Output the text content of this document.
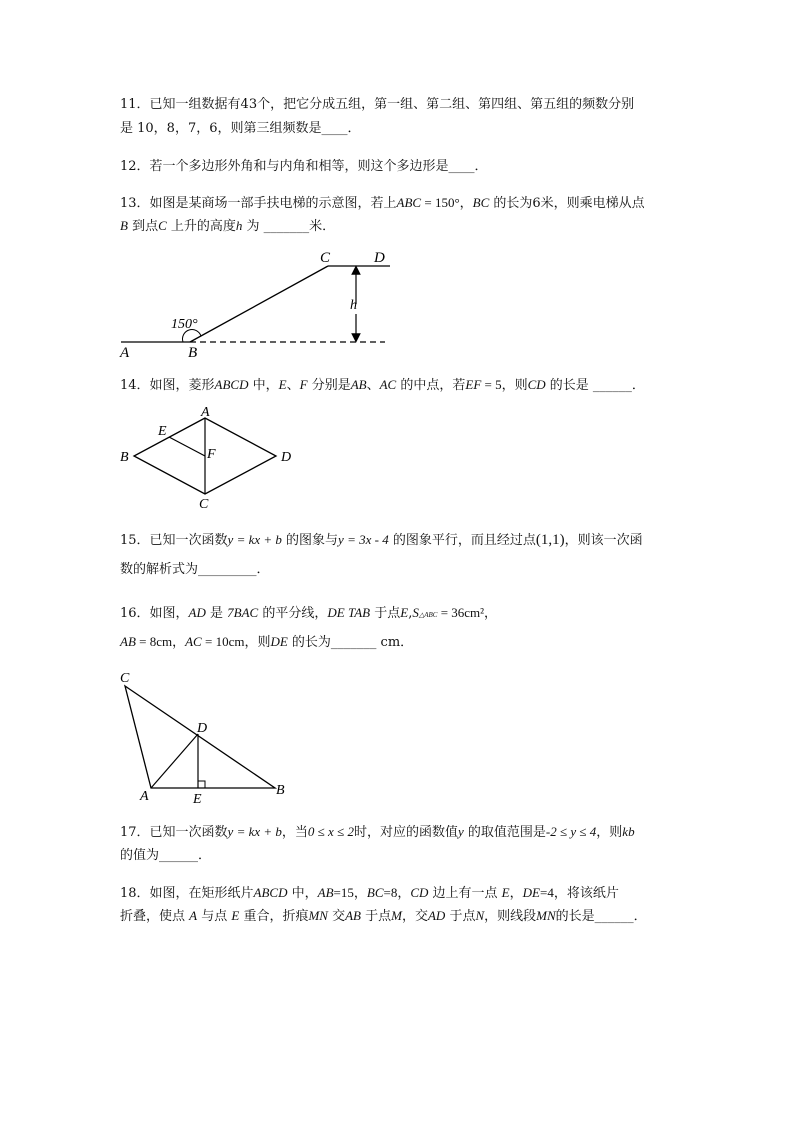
11．已知一组数据有43个，把它分成五组，第一组、第二组、第四组、第五组的频数分别
是 10，8，7，6，则第三组频数是____．
12．若一个多边形外角和与内角和相等，则这个多边形是____．
13．如图是某商场一部手扶电梯的示意图，若上ABC = 150°，BC 的长为6米，则乘电梯从点
B 到点C 上升的高度h 为 _______米．
C	D
h
150°
A	B
14．如图，菱形ABCD 中，E、F 分别是AB、AC 的中点，若EF = 5，则CD 的长是 ______．
A
B
C
D
E
F
15．已知一次函数y = kx + b 的图象与y = 3x - 4 的图象平行，而且经过点(1,1)，则该一次函
数的解析式为_________．
16．如图，AD 是 7BAC 的平分线，DE TAB 于点E,S△ABC = 36cm²，
AB = 8cm，AC = 10cm，则DE 的长为_______ cm．
C
D
A	E
B
17．已知一次函数y = kx + b，当0 ≤ x ≤ 2时，对应的函数值y 的取值范围是-2 ≤ y ≤ 4，则kb
的值为______．
18．如图，在矩形纸片ABCD 中，AB=15，BC=8，CD 边上有一点 E，DE=4，将该纸片
折叠，使点 A 与点 E 重合，折痕MN 交AB 于点M，交AD 于点N，则线段MN的长是______．
